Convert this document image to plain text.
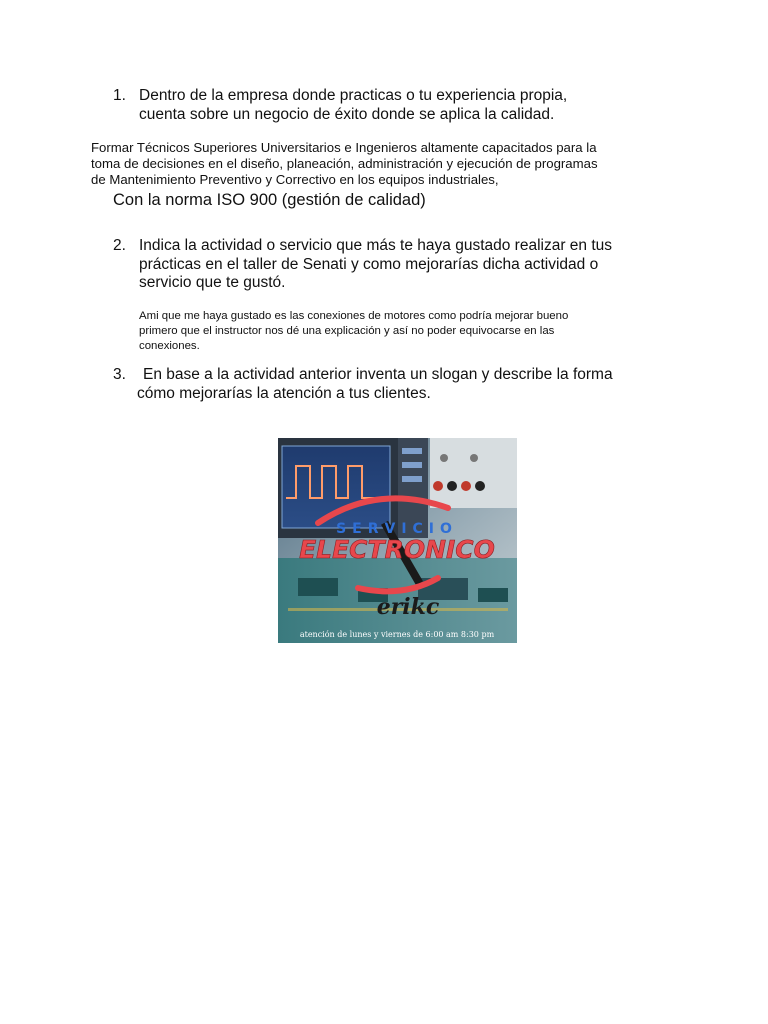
1. Dentro de la empresa donde practicas o tu experiencia propia,
cuenta sobre un negocio de éxito donde se aplica la calidad.
Formar Técnicos Superiores Universitarios e Ingenieros altamente capacitados para la
toma de decisiones en el diseño, planeación, administración y ejecución de programas
de Mantenimiento Preventivo y Correctivo en los equipos industriales,
Con la norma ISO 900 (gestión de calidad)
2. Indica la actividad o servicio que más te haya gustado realizar en tus
prácticas en el taller de Senati y como mejorarías dicha actividad o
servicio que te gustó.
Ami que me haya gustado es las conexiones de motores como podría mejorar bueno
primero que el instructor nos dé una explicación y así no poder equivocarse en las
conexiones.
3.	En base a la actividad anterior inventa un slogan y describe la forma
cómo mejorarías la atención a tus clientes.
SERVICIO
ELECTRONICO
erikc
atención de lunes y viernes de 6:00 am 8:30 pm
